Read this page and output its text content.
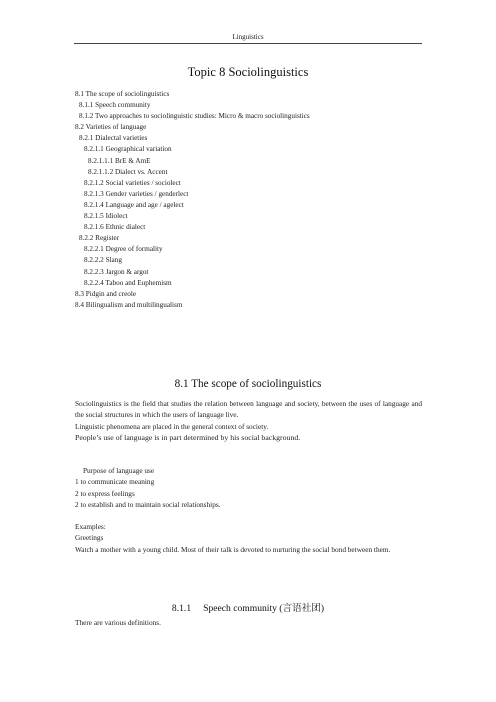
Linguistics
Topic 8 Sociolinguistics
8.1 The scope of sociolinguistics
8.1.1 Speech community
8.1.2 Two approaches to sociolinguistic studies: Micro & macro sociolinguistics
8.2 Varieties of language
8.2.1 Dialectal varieties
8.2.1.1 Geographical variation
8.2.1.1.1 BrE & AmE
8.2.1.1.2 Dialect vs. Accent
8.2.1.2 Social varieties / sociolect
8.2.1.3 Gender varieties / genderlect
8.2.1.4 Language and age / agelect
8.2.1.5 Idiolect
8.2.1.6 Ethnic dialect
8.2.2 Register
8.2.2.1 Degree of formality
8.2.2.2 Slang
8.2.2.3 Jargon & argot
8.2.2.4 Taboo and Euphemism
8.3 Pidgin and creole
8.4 Bilingualism and multilingualism
8.1 The scope of sociolinguistics

Sociolinguistics is the field that studies the relation between language and society, between the uses of language and the social structures in which the users of language live.

Linguistic phenomena are placed in the general context of society.

People’s use of language is in part determined by his social background.

Purpose of language use

1 to communicate meaning

2 to express feelings

2 to establish and to maintain social relationships.

Examples:

Greetings

Watch a mother with a young child. Most of their talk is devoted to nurturing the social bond between them.

8.1.1 Speech community (言语社团)

There are various definitions.
